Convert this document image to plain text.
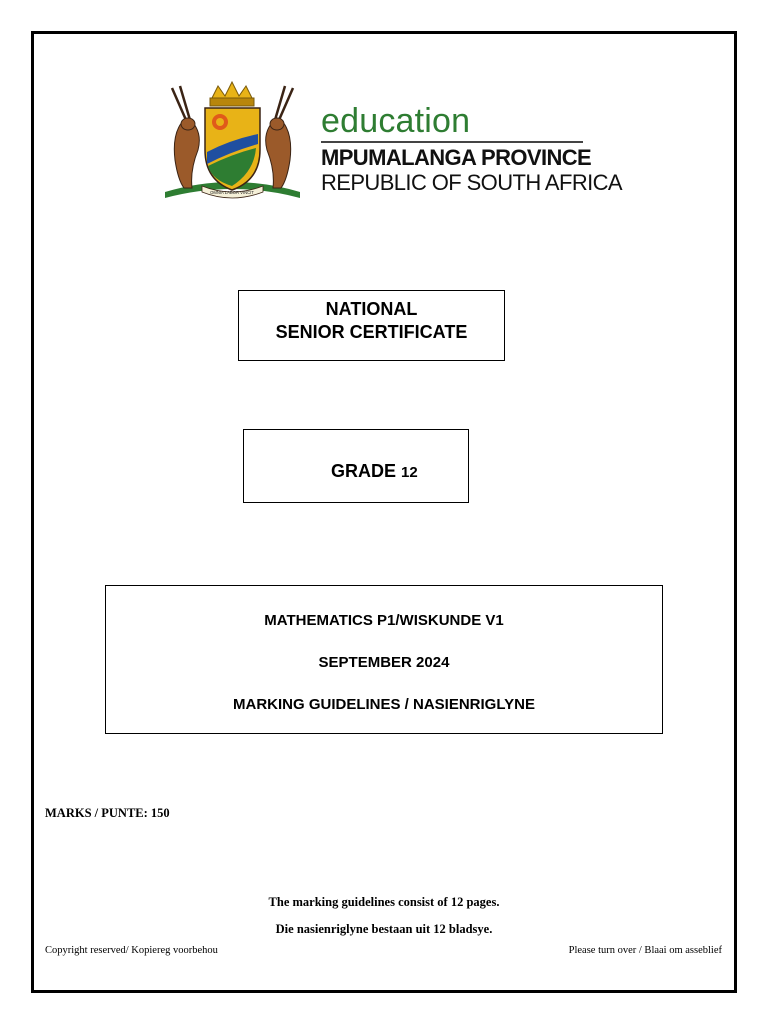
OMNIA LABOR VINCIT
education
MPUMALANGA PROVINCE
REPUBLIC OF SOUTH AFRICA
NATIONAL
SENIOR CERTIFICATE
GRADE 12
MATHEMATICS P1/WISKUNDE V1
SEPTEMBER 2024
MARKING GUIDELINES / NASIENRIGLYNE
MARKS / PUNTE: 150
The marking guidelines consist of 12 pages.
Die nasienriglyne bestaan uit 12 bladsye.
Copyright reserved/ Kopiereg voorbehou	Please turn over / Blaai om asseblief
